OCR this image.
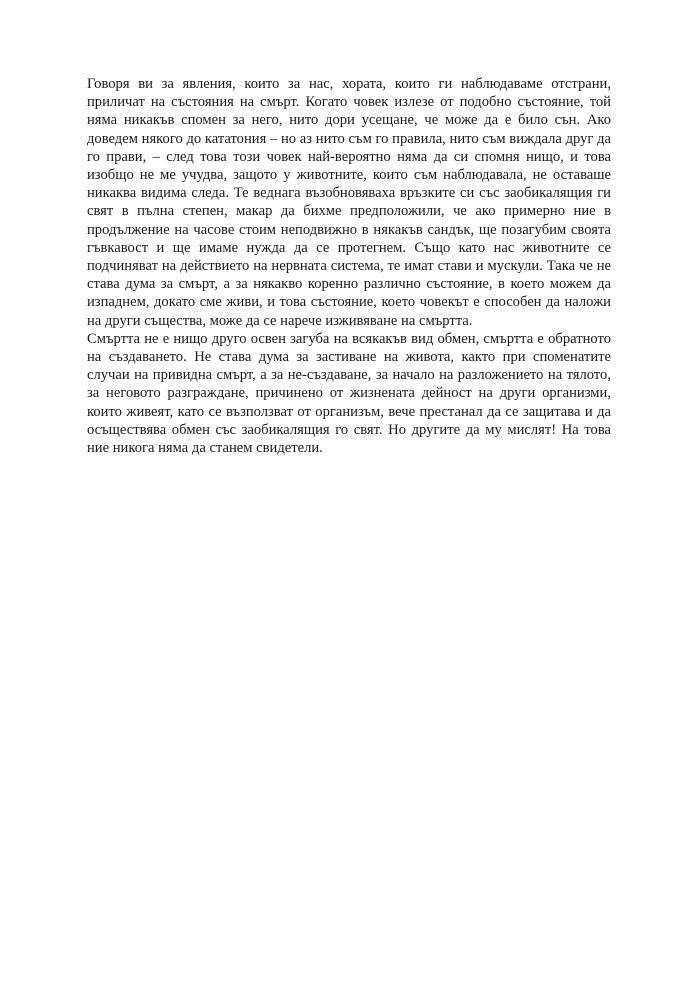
Говоря ви за явления, които за нас, хората, които ги наблюдаваме отстрани, приличат на състояния на смърт. Когато човек излезе от подобно състояние, той няма никакъв спомен за него, нито дори усещане, че може да е било сън. Ако доведем някого до кататония – но аз нито съм го правила, нито съм виждала друг да го прави, – след това този човек най-вероятно няма да си спомня нищо, и това изобщо не ме учудва, защото у животните, които съм наблюдавала, не оставаше никаква видима следа. Те веднага възобновяваха връзките си със заобикалящия ги свят в пълна степен, макар да бихме предположили, че ако примерно ние в продължение на часове стоим неподвижно в някакъв сандък, ще позагубим своята гъвкавост и ще имаме нужда да се протегнем. Също като нас животните се подчиняват на действието на нервната система, те имат стави и мускули. Така че не става дума за смърт, а за някакво коренно различно състояние, в което можем да изпаднем, докато сме живи, и това състояние, което човекът е способен да наложи на други същества, може да се нарече изживяване на смъртта.

Смъртта не е нищо друго освен загуба на всякакъв вид обмен, смъртта е обратното на създаването. Не става дума за застиване на живота, както при споменатите случаи на привидна смърт, а за не-създаване, за начало на разложението на тялото, за неговото разграждане, причинено от жизнената дейност на други организми, които живеят, като се възползват от организъм, вече престанал да се защитава и да осъществява обмен със заобикалящия го свят. Но другите да му мислят! На това ние никога няма да станем свидетели.
